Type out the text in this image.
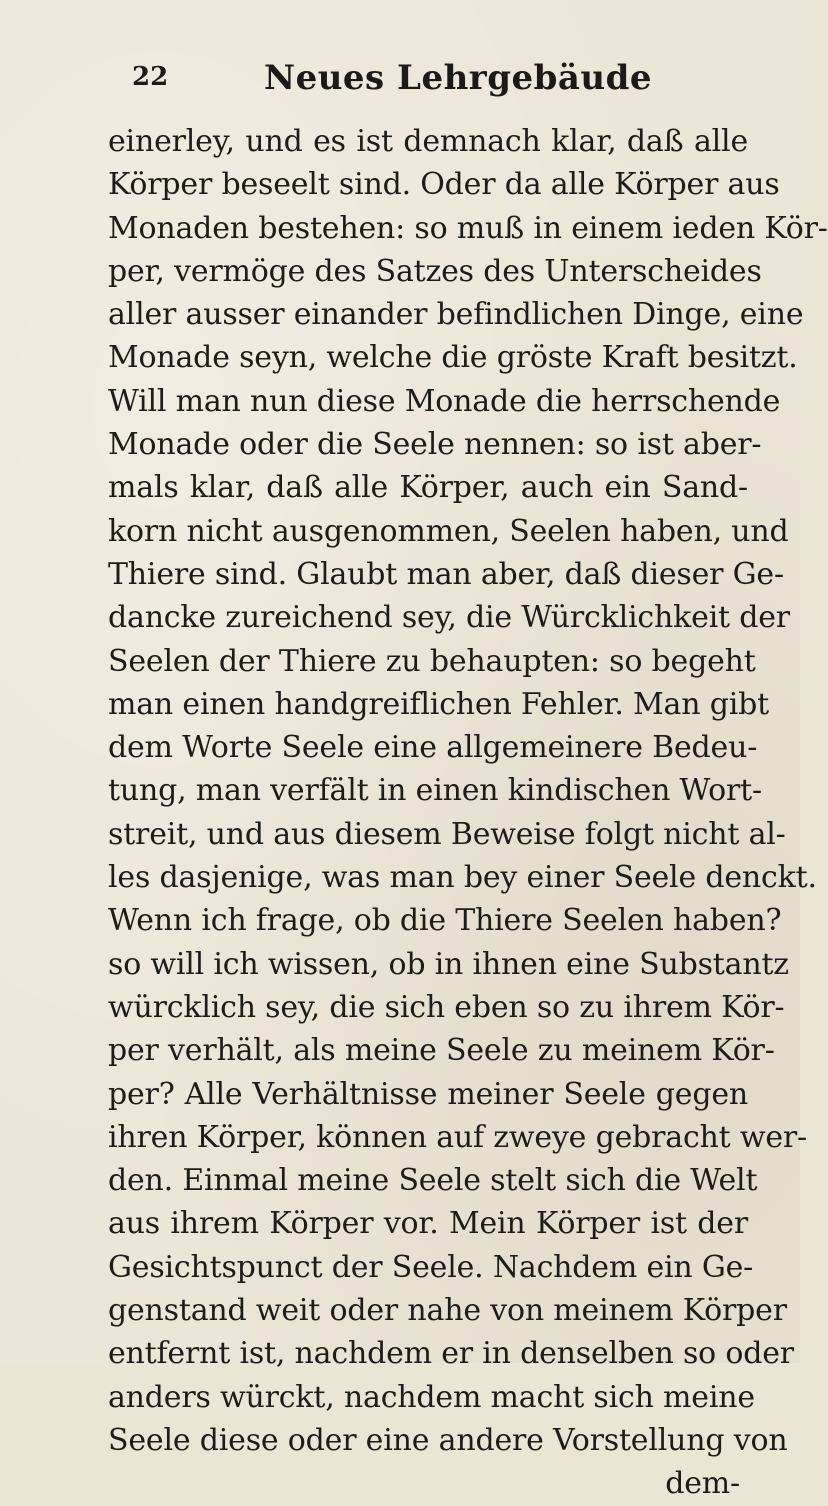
22	Neues Lehrgebäude
einerley, und es ist demnach klar, daß alle
Körper beseelt sind. Oder da alle Körper aus
Monaden bestehen: so muß in einem ieden Kör-
per, vermöge des Satzes des Unterscheides
aller ausser einander befindlichen Dinge, eine
Monade seyn, welche die gröste Kraft besitzt.
Will man nun diese Monade die herrschende
Monade oder die Seele nennen: so ist aber-
mals klar, daß alle Körper, auch ein Sand-
korn nicht ausgenommen, Seelen haben, und
Thiere sind. Glaubt man aber, daß dieser Ge-
dancke zureichend sey, die Würcklichkeit der
Seelen der Thiere zu behaupten: so begeht
man einen handgreiflichen Fehler. Man gibt
dem Worte Seele eine allgemeinere Bedeu-
tung, man verfält in einen kindischen Wort-
streit, und aus diesem Beweise folgt nicht al-
les dasjenige, was man bey einer Seele denckt.
Wenn ich frage, ob die Thiere Seelen haben?
so will ich wissen, ob in ihnen eine Substantz
würcklich sey, die sich eben so zu ihrem Kör-
per verhält, als meine Seele zu meinem Kör-
per? Alle Verhältnisse meiner Seele gegen
ihren Körper, können auf zweye gebracht wer-
den. Einmal meine Seele stelt sich die Welt
aus ihrem Körper vor. Mein Körper ist der
Gesichtspunct der Seele. Nachdem ein Ge-
genstand weit oder nahe von meinem Körper
entfernt ist, nachdem er in denselben so oder
anders würckt, nachdem macht sich meine
Seele diese oder eine andere Vorstellung von
dem-
